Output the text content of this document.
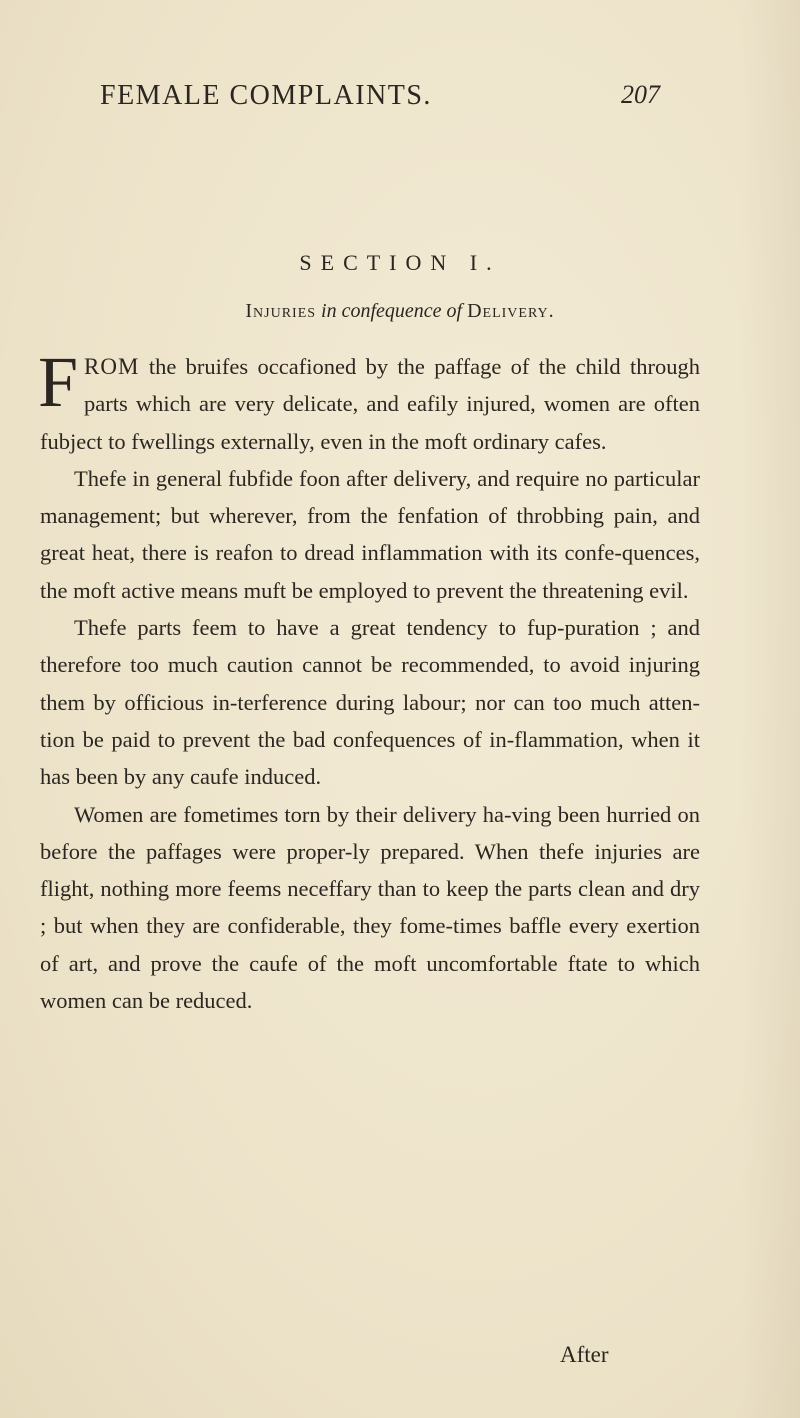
FEMALE COMPLAINTS.	207
SECTION I.
Injuries in confequence of Delivery.

FROM the bruifes occafioned by the paffage of the child through parts which are very delicate, and eafily injured, women are often fubject to fwellings externally, even in the moft ordinary cafes.

Thefe in general fubfide foon after delivery, and require no particular management; but wherever, from the fenfation of throbbing pain, and great heat, there is reafon to dread inflammation with its confe-quences, the moft active means muft be employed to prevent the threatening evil.

Thefe parts feem to have a great tendency to fup-puration ; and therefore too much caution cannot be recommended, to avoid injuring them by officious in-terference during labour; nor can too much atten-tion be paid to prevent the bad confequences of in-flammation, when it has been by any caufe induced.

Women are fometimes torn by their delivery ha-ving been hurried on before the paffages were proper-ly prepared. When thefe injuries are flight, nothing more feems neceffary than to keep the parts clean and dry ; but when they are confiderable, they fome-times baffle every exertion of art, and prove the caufe of the moft uncomfortable ftate to which women can be reduced.

After
